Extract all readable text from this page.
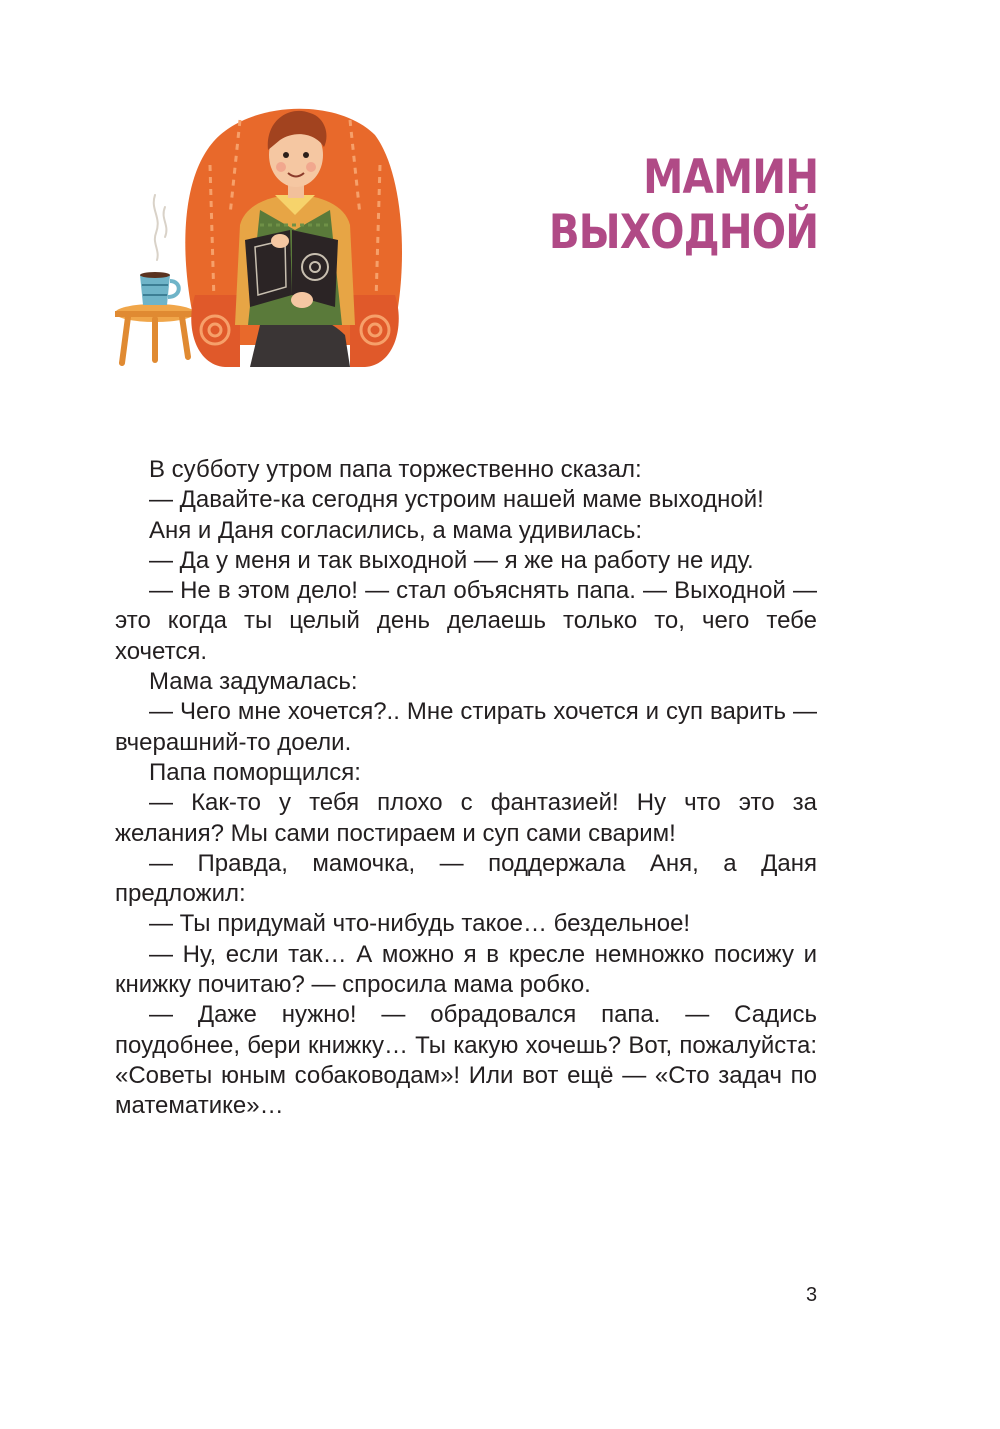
МАМИН
ВЫХОДНОЙ

В субботу утром папа торжественно сказал:

— Давайте-ка сегодня устроим нашей маме выходной!

Аня и Даня согласились, а мама удивилась:

— Да у меня и так выходной — я же на работу не иду.

— Не в этом дело! — стал объяснять папа. — Выходной — это когда ты целый день делаешь только то, чего тебе хочется.

Мама задумалась:

— Чего мне хочется?.. Мне стирать хочется и суп варить — вчерашний-то доели.

Папа поморщился:

— Как-то у тебя плохо с фантазией! Ну что это за желания? Мы сами постираем и суп сами сварим!

— Правда, мамочка, — поддержала Аня, а Даня предложил:

— Ты придумай что-нибудь такое… бездельное!

— Ну, если так… А можно я в кресле немножко посижу и книжку почитаю? — спросила мама робко.

— Даже нужно! — обрадовался папа. — Садись поудобнее, бери книжку… Ты какую хочешь? Вот, пожалуйста: «Советы юным собаководам»! Или вот ещё — «Сто задач по математике»…

3
